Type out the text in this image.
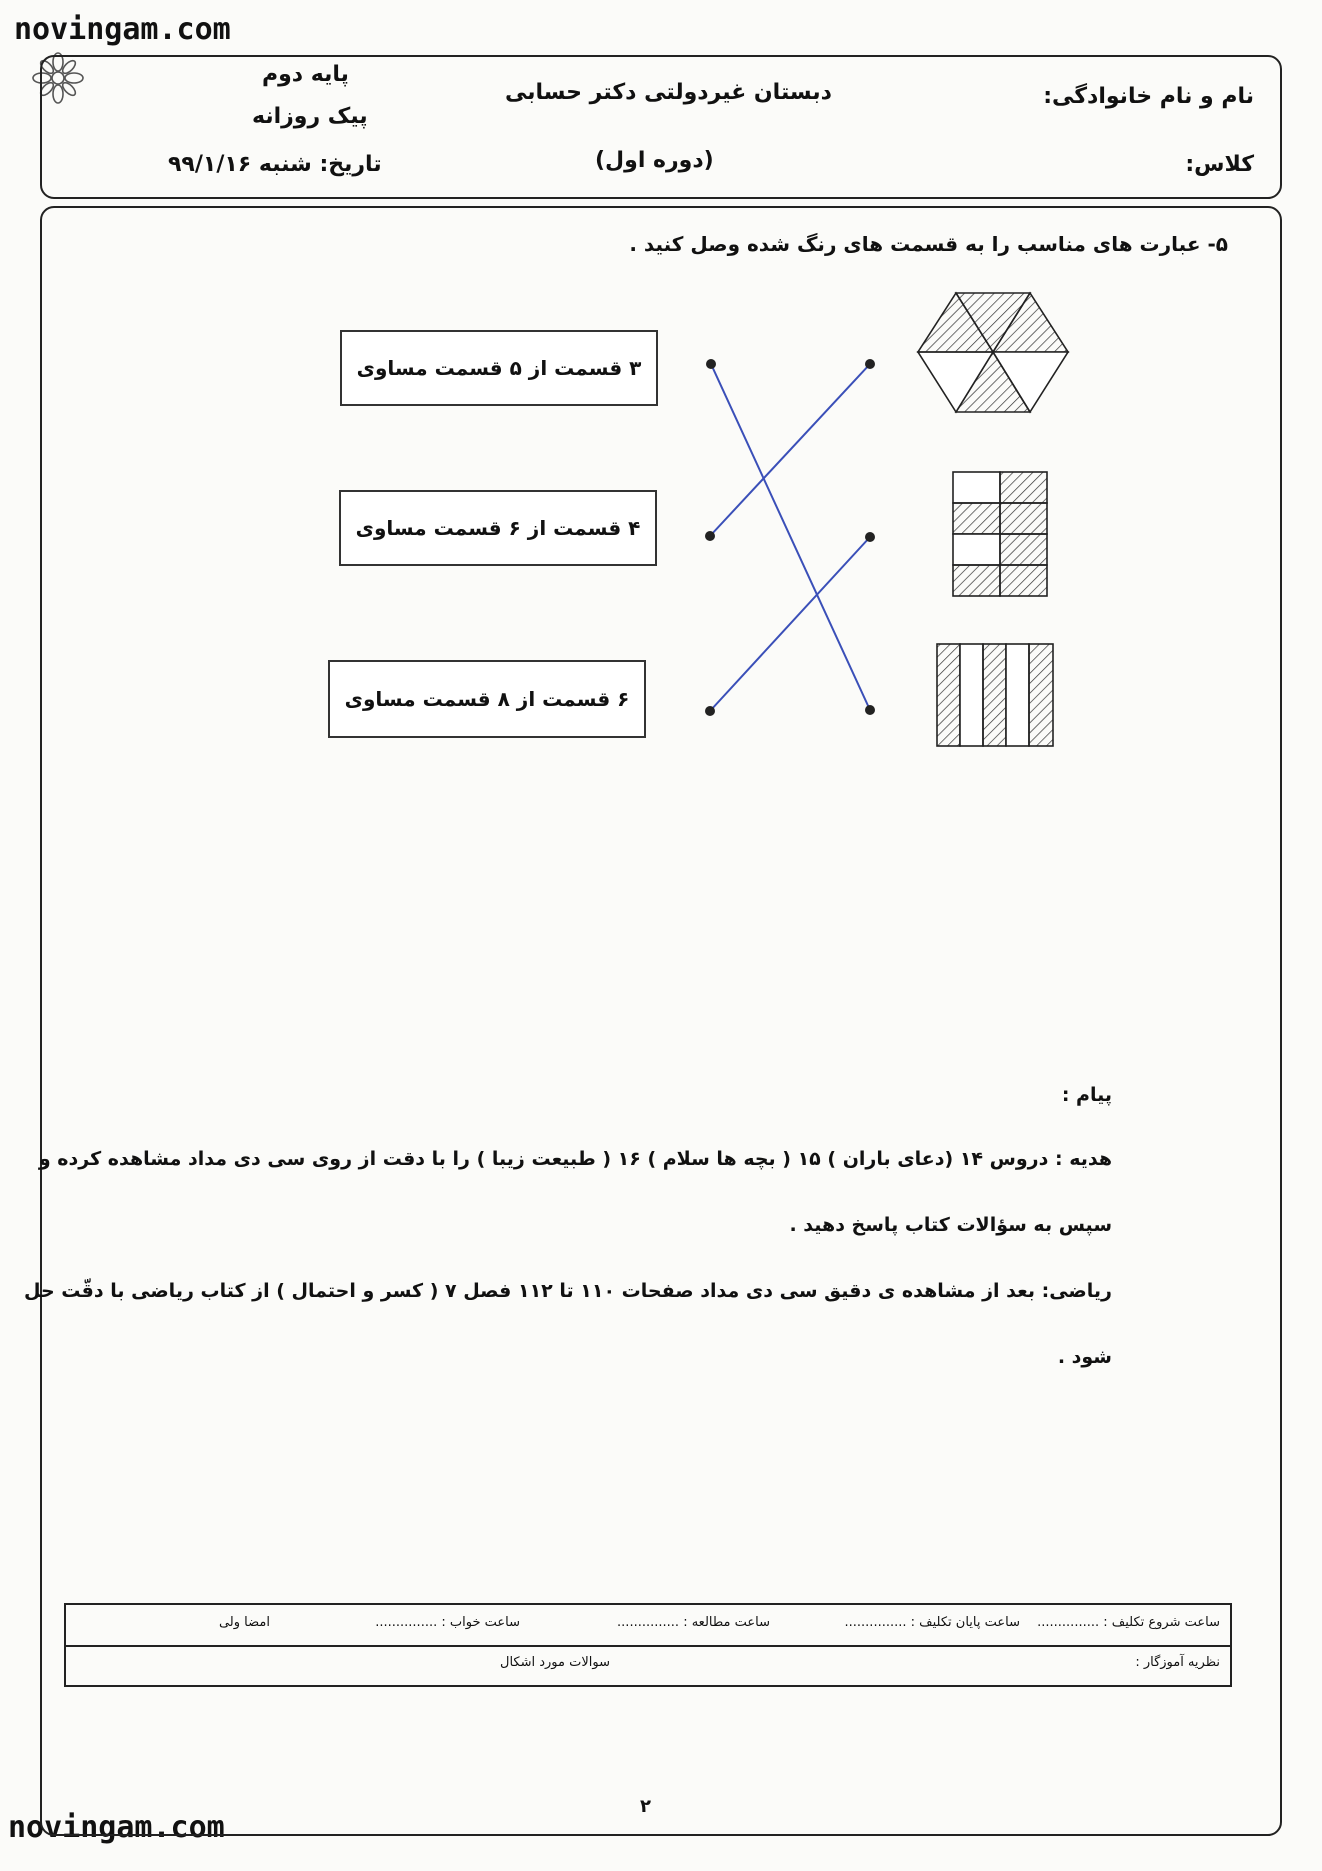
novingam.com
novingam.com
پایه دوم
پیک روزانه
تاریخ: شنبه ۹۹/۱/۱۶
دبستان غیردولتی دکتر حسابی
(دوره اول)
نام و نام خانوادگی:
کلاس:
۵- عبارت های مناسب را به قسمت های رنگ شده وصل کنید .
۳ قسمت از ۵ قسمت مساوی
۴ قسمت از ۶ قسمت مساوی
۶ قسمت از ۸ قسمت مساوی
پیام :
هدیه : دروس ۱۴ (دعای باران ) ۱۵ ( بچه ها سلام ) ۱۶ ( طبیعت زیبا ) را با دقت از روی سی دی مداد مشاهده کرده و
سپس به سؤالات کتاب پاسخ دهید .
ریاضی: بعد از مشاهده ی دقیق سی دی مداد صفحات ۱۱۰ تا ۱۱۲ فصل ۷ ( کسر و احتمال ) از کتاب ریاضی با دقّت حل
شود .
ساعت شروع تکلیف : ...............
ساعت پایان تکلیف : ...............
ساعت مطالعه : ...............
ساعت خواب : ...............
امضا ولی
نظریه آموزگار :
سوالات مورد اشکال
۲
